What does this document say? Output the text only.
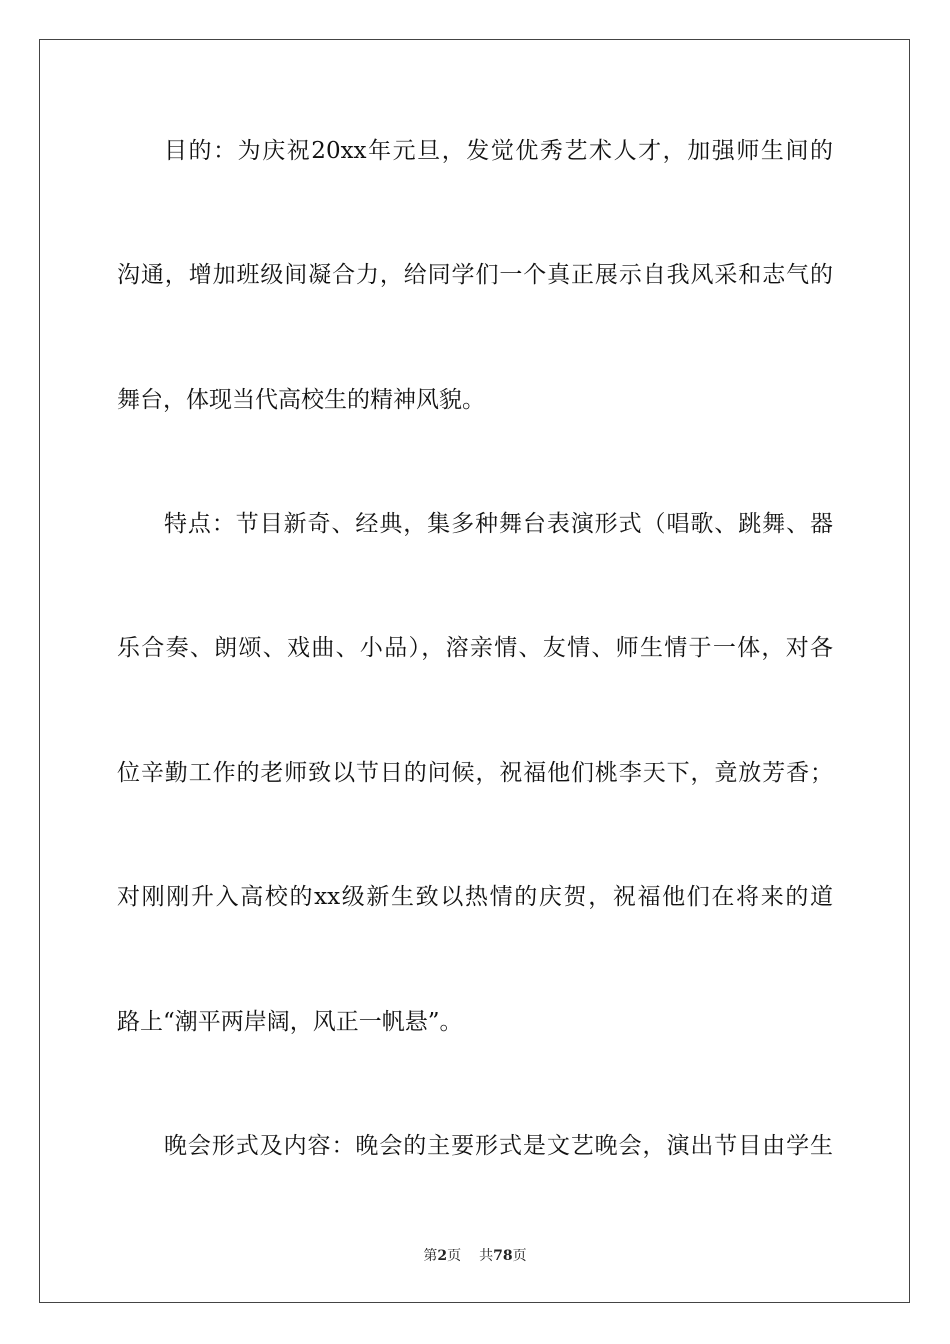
目的：为庆祝20xx年元旦，发觉优秀艺术人才，加强师生间的
沟通，增加班级间凝合力，给同学们一个真正展示自我风采和志气的
舞台，体现当代高校生的精神风貌。
特点：节目新奇、经典，集多种舞台表演形式（唱歌、跳舞、器
乐合奏、朗颂、戏曲、小品），溶亲情、友情、师生情于一体，对各
位辛勤工作的老师致以节日的问候，祝福他们桃李天下，竟放芳香；
对刚刚升入高校的xx级新生致以热情的庆贺，祝福他们在将来的道
路上“潮平两岸阔，风正一帆悬”。
晚会形式及内容：晚会的主要形式是文艺晚会，演出节目由学生
第2页 共78页
